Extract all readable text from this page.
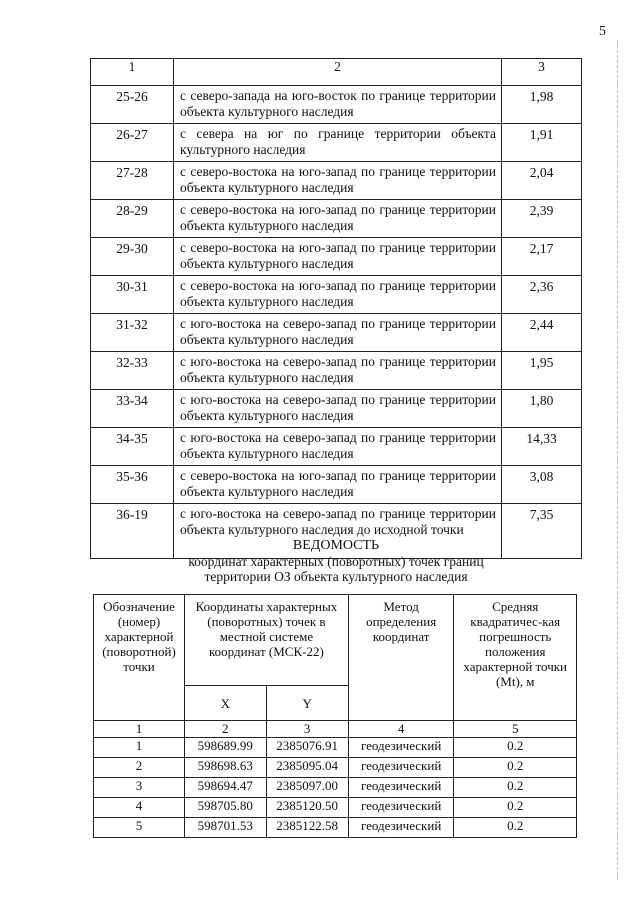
5
1	2	3
25-26	с северо-запада на юго-восток по границе территории объекта культурного наследия	1,98
26-27	с севера на юг по границе территории объекта культурного наследия	1,91
27-28	с северо-востока на юго-запад по границе территории объекта культурного наследия	2,04
28-29	с северо-востока на юго-запад по границе территории объекта культурного наследия	2,39
29-30	с северо-востока на юго-запад по границе территории объекта культурного наследия	2,17
30-31	с северо-востока на юго-запад по границе территории объекта культурного наследия	2,36
31-32	с юго-востока на северо-запад по границе территории объекта культурного наследия	2,44
32-33	с юго-востока на северо-запад по границе территории объекта культурного наследия	1,95
33-34	с юго-востока на северо-запад по границе территории объекта культурного наследия	1,80
34-35	с юго-востока на северо-запад по границе территории объекта культурного наследия	14,33
35-36	с северо-востока на юго-запад по границе территории объекта культурного наследия	3,08
36-19	с юго-востока на северо-запад по границе территории объекта культурного наследия до исходной точки	7,35
ВЕДОМОСТЬ
координат характерных (поворотных) точек границ
территории ОЗ объекта культурного наследия
Обозначение (номер) характерной (поворотной) точки	Координаты характерных (поворотных) точек в местной системе координат (МСК-22)		Метод определения координат	Средняя квадратичес-кая погрешность положения характерной точки (Mt), м
	X	Y		
1	2	3	4	5
1	598689.99	2385076.91	геодезический	0.2
2	598698.63	2385095.04	геодезический	0.2
3	598694.47	2385097.00	геодезический	0.2
4	598705.80	2385120.50	геодезический	0.2
5	598701.53	2385122.58	геодезический	0.2
